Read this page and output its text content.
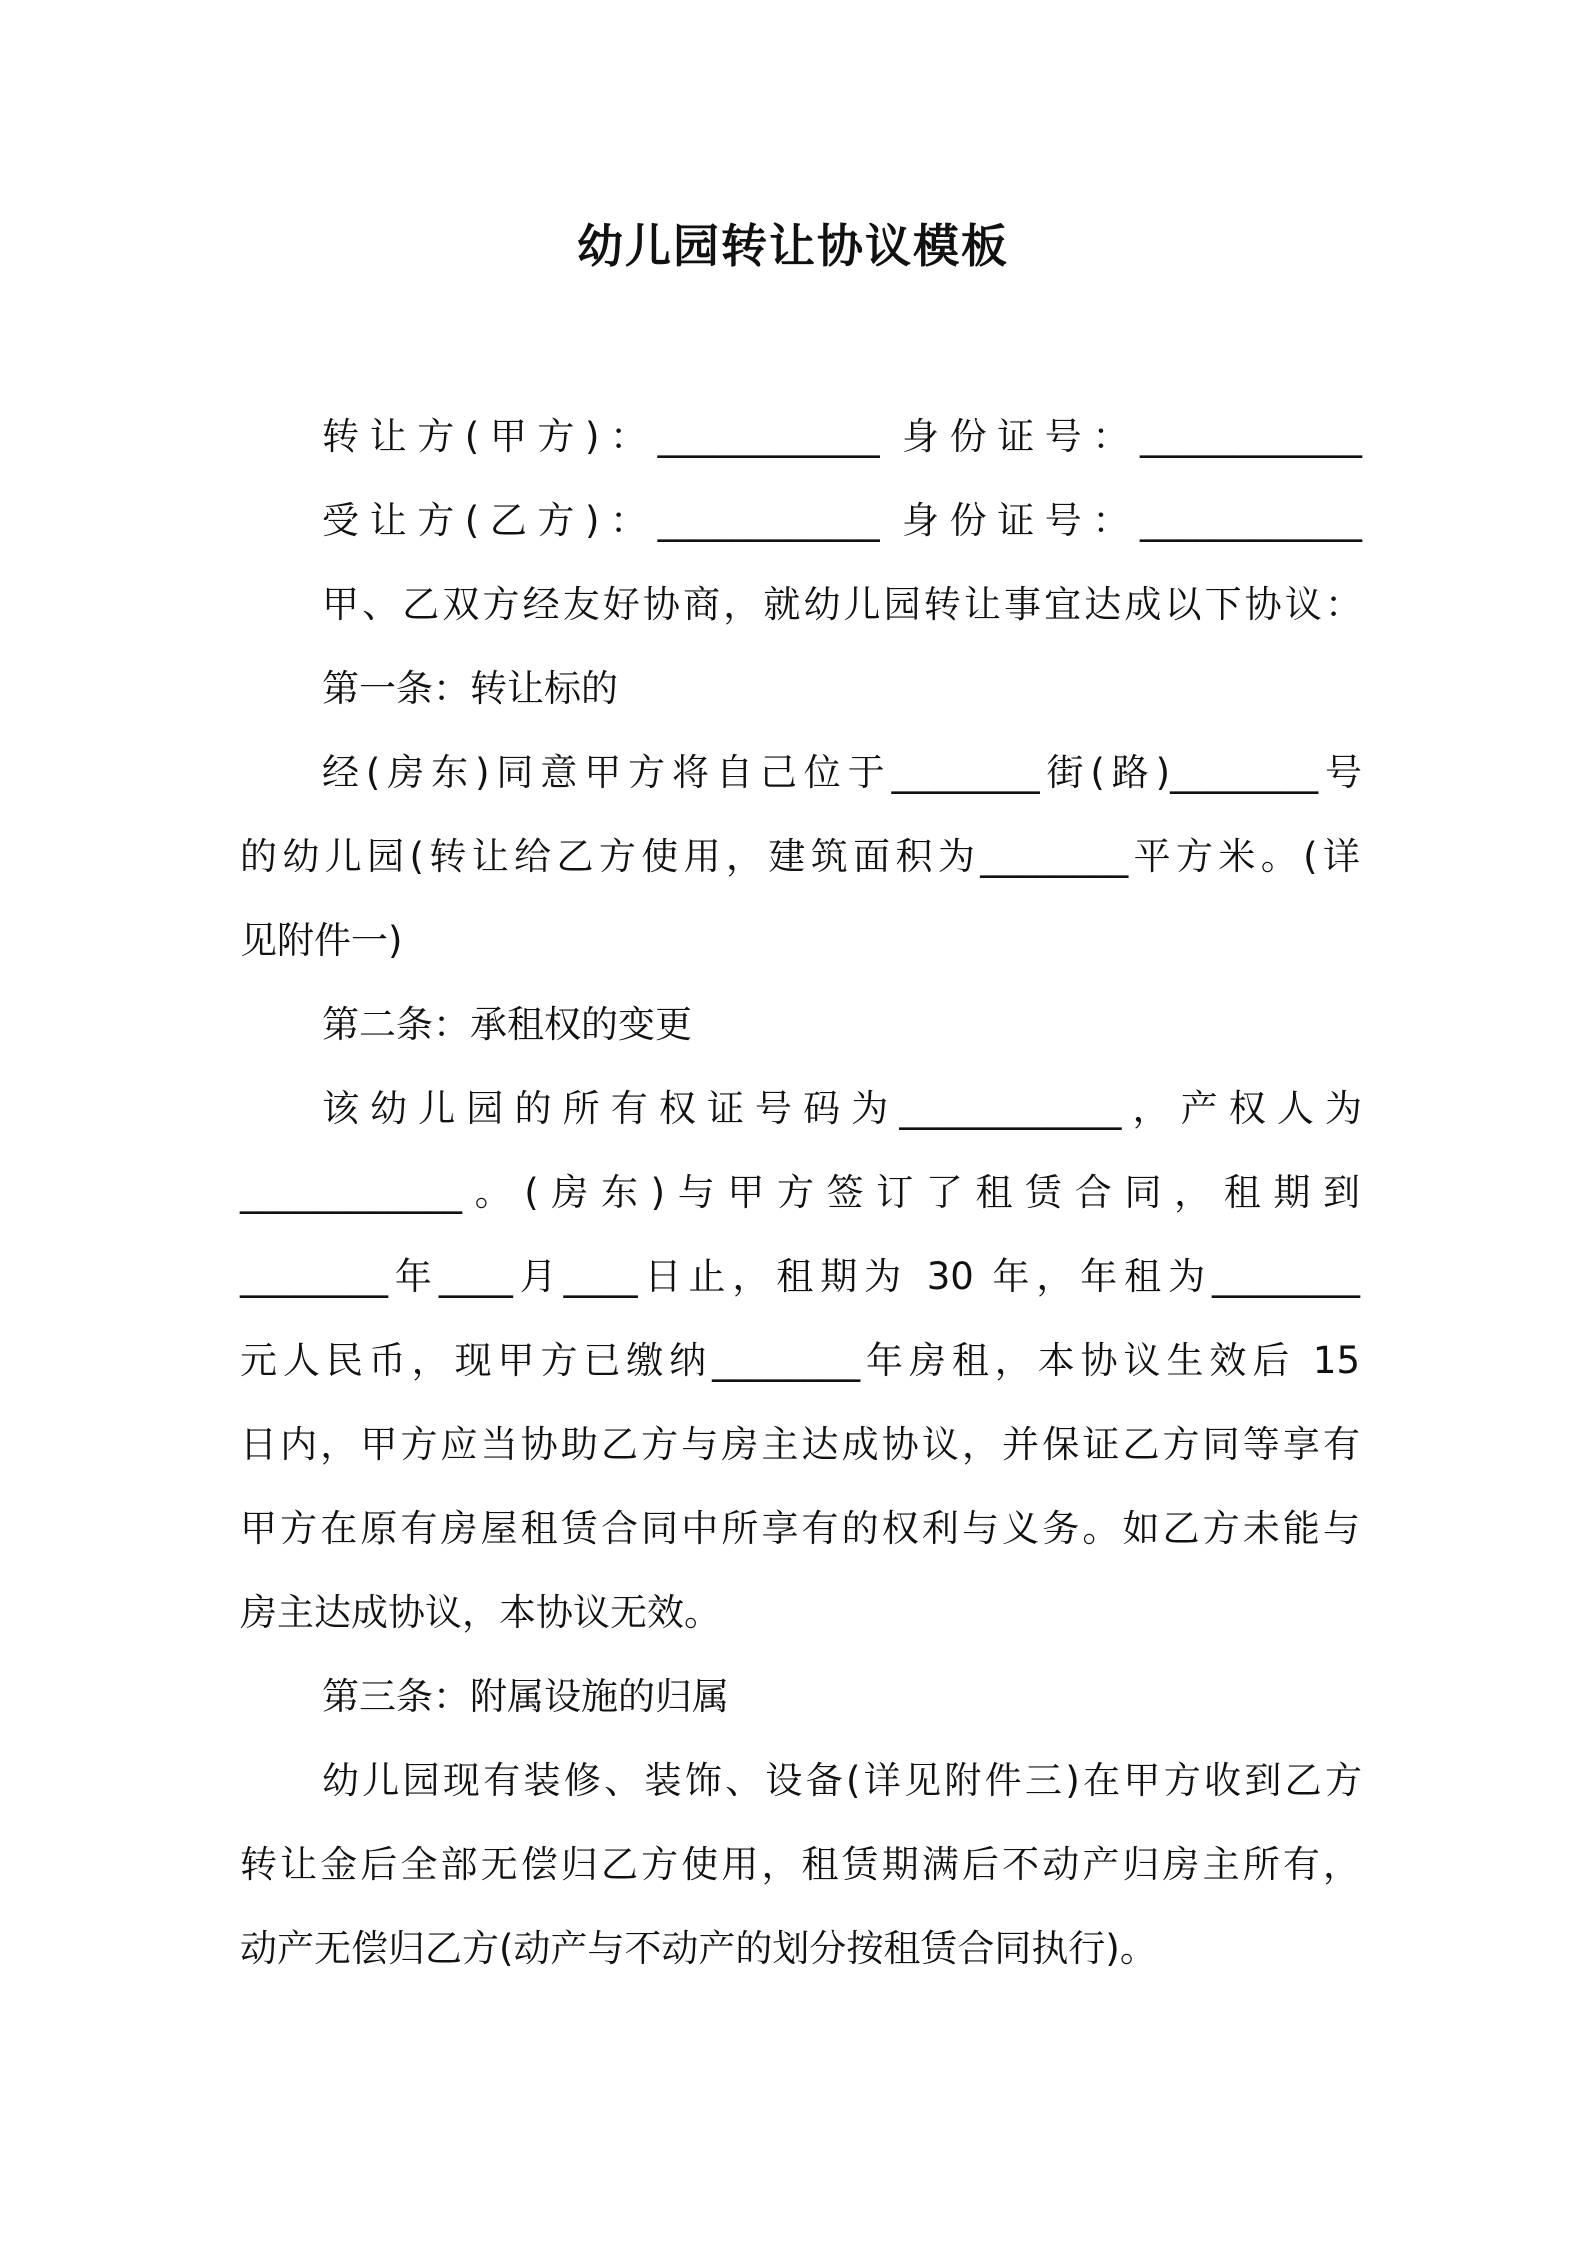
幼儿园转让协议模板
转让方(甲方)：____________ 身份证号：____________
受让方(乙方)：____________ 身份证号：____________
甲、乙双方经友好协商，就幼儿园转让事宜达成以下协议：
第一条：转让标的
经(房东)同意甲方将自己位于________街(路)________号
的幼儿园(转让给乙方使用，建筑面积为________平方米。(详
见附件一)
第二条：承租权的变更
该幼儿园的所有权证号码为____________，产权人为
____________。(房东)与甲方签订了租赁合同，租期到
________年____月____日止，租期为 30 年，年租为________
元人民币，现甲方已缴纳________年房租，本协议生效后 15
日内，甲方应当协助乙方与房主达成协议，并保证乙方同等享有
甲方在原有房屋租赁合同中所享有的权利与义务。如乙方未能与
房主达成协议，本协议无效。
第三条：附属设施的归属
幼儿园现有装修、装饰、设备(详见附件三)在甲方收到乙方
转让金后全部无偿归乙方使用，租赁期满后不动产归房主所有，
动产无偿归乙方(动产与不动产的划分按租赁合同执行)。
